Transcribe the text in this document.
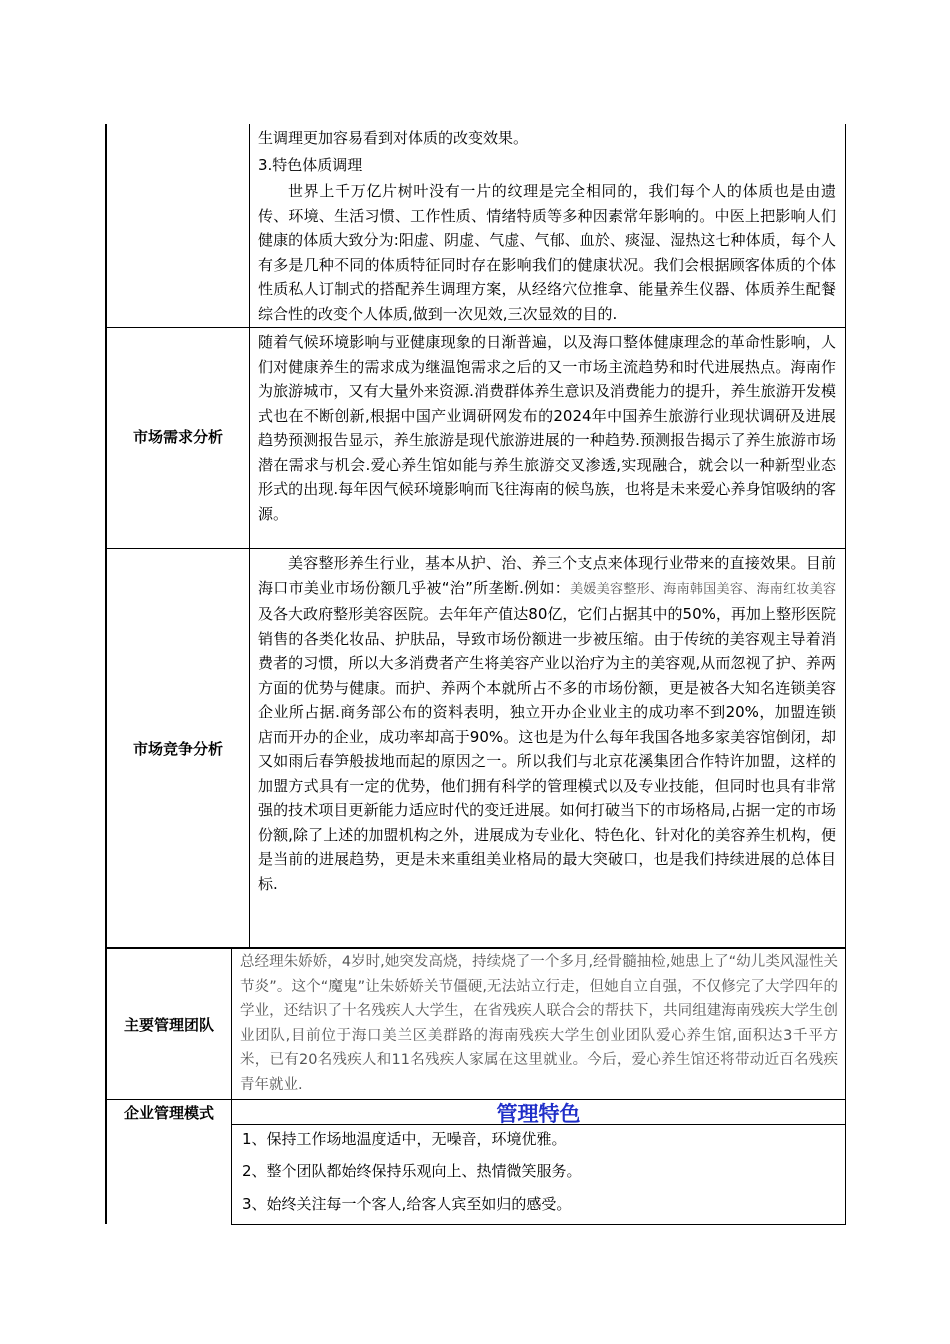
生调理更加容易看到对体质的改变效果。

3.特色体质调理

世界上千万亿片树叶没有一片的纹理是完全相同的，我们每个人的体质也是由遗传、环境、生活习惯、工作性质、情绪特质等多种因素常年影响的。中医上把影响人们健康的体质大致分为:阳虚、阴虚、气虚、气郁、血於、痰湿、湿热这七种体质，每个人有多是几种不同的体质特征同时存在影响我们的健康状况。我们会根据顾客体质的个体性质私人订制式的搭配养生调理方案，从经络穴位推拿、能量养生仪器、体质养生配餐综合性的改变个人体质,做到一次见效,三次显效的目的.

市场需求分析
随着气候环境影响与亚健康现象的日渐普遍，以及海口整体健康理念的革命性影响，人们对健康养生的需求成为继温饱需求之后的又一市场主流趋势和时代进展热点。海南作为旅游城市，又有大量外来资源.消费群体养生意识及消费能力的提升，养生旅游开发模式也在不断创新,根据中国产业调研网发布的2024年中国养生旅游行业现状调研及进展趋势预测报告显示，养生旅游是现代旅游进展的一种趋势.预测报告揭示了养生旅游市场潜在需求与机会.爱心养生馆如能与养生旅游交叉渗透,实现融合，就会以一种新型业态形式的出现.每年因气候环境影响而飞往海南的候鸟族，也将是未来爱心养身馆吸纳的客源。
市场竞争分析
美容整形养生行业，基本从护、治、养三个支点来体现行业带来的直接效果。目前海口市美业市场份额几乎被“治”所垄断.例如：美媛美容整形、海南韩国美容、海南红妆美容及各大政府整形美容医院。去年年产值达80亿，它们占据其中的50%，再加上整形医院销售的各类化妆品、护肤品，导致市场份额进一步被压缩。由于传统的美容观主导着消费者的习惯，所以大多消费者产生将美容产业以治疗为主的美容观,从而忽视了护、养两方面的优势与健康。而护、养两个本就所占不多的市场份额，更是被各大知名连锁美容企业所占据.商务部公布的资料表明，独立开办企业业主的成功率不到20%，加盟连锁店而开办的企业，成功率却高于90%。这也是为什么每年我国各地多家美容馆倒闭，却又如雨后春笋般拔地而起的原因之一。所以我们与北京花溪集团合作特许加盟，这样的加盟方式具有一定的优势，他们拥有科学的管理模式以及专业技能，但同时也具有非常强的技术项目更新能力适应时代的变迁进展。如何打破当下的市场格局,占据一定的市场份额,除了上述的加盟机构之外，进展成为专业化、特色化、针对化的美容养生机构，便是当前的进展趋势，更是未来重组美业格局的最大突破口，也是我们持续进展的总体目标.
主要管理团队
总经理朱娇娇，4岁时,她突发高烧，持续烧了一个多月,经骨髓抽检,她患上了“幼儿类风湿性关节炎”。这个“魔鬼”让朱娇娇关节僵硬,无法站立行走，但她自立自强，不仅修完了大学四年的学业，还结识了十名残疾人大学生，在省残疾人联合会的帮扶下，共同组建海南残疾大学生创业团队,目前位于海口美兰区美群路的海南残疾大学生创业团队爱心养生馆,面积达3千平方米，已有20名残疾人和11名残疾人家属在这里就业。今后，爱心养生馆还将带动近百名残疾青年就业.
企业管理模式	管理特色
1、保持工作场地温度适中，无噪音，环境优雅。
2、整个团队都始终保持乐观向上、热情微笑服务。
3、始终关注每一个客人,给客人宾至如归的感受。
